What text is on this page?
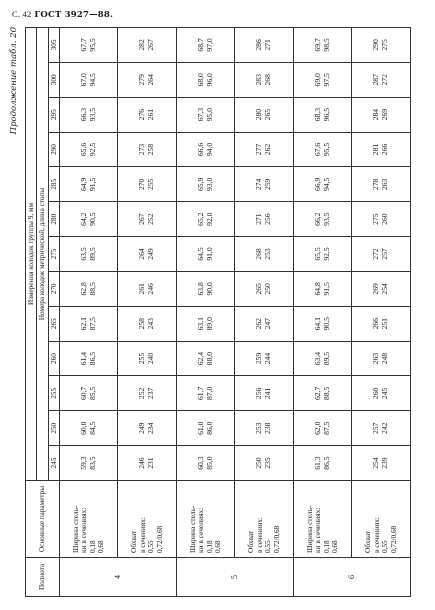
С. 42 ГОСТ 3927—88.
Продолжение табл. 20
Полнота	Основные параметры	Измерения колодок группы 9, мм												
		Номера колодок метрической, длина стопы												
		245	250	255	260	265	270	275	280	285	290	295	300	305
4	Ширина стель- ки в сечениях: 0,18 0,68	59,3 83,5	60,0 84,5	60,7 85,5	61,4 86,5	62,1 87,5	62,8 88,5	63,5 89,5	64,2 90,5	64,9 91,5	65,6 92,5	66,3 93,5	67,0 94,5	67,7 95,5

	Обхват в сечениях: 0,55 0,72/0,68	246 231	249 234	252 237	255 240	258 243	261 246	264 249	267 252	270 255	273 258	276 261	279 264	282 267

5	Ширина стель- ки в сечениях: 0,18 0,68	60,3 85,0	61,0 86,0	61,7 87,0	62,4 88,0	63,1 89,0	63,8 90,0	64,5 91,0	65,2 92,0	65,9 93,0	66,6 94,0	67,3 95,0	68,0 96,0	68,7 97,0

	Обхват в сечениях: 0,55 0,72/0,68	250 235	253 238	256 241	259 244	262 247	265 250	268 253	271 256	274 259	277 262	280 265	283 268	286 271

6	Ширина стель- ки в сечениях: 0,18 0,68	61,3 86,5	62,0 87,5	62,7 88,5	63,4 89,5	64,1 90,5	64,8 91,5	65,5 92,5	66,2 93,5	66,9 94,5	67,6 95,5	68,3 96,5	69,0 97,5	69,7 98,5

	Обхват в сечениях: 0,55 0,72/0,68	254 239	257 242	260 245	263 248	266 251	269 254	272 257	275 260	278 263	281 266	284 269	287 272	290 275
